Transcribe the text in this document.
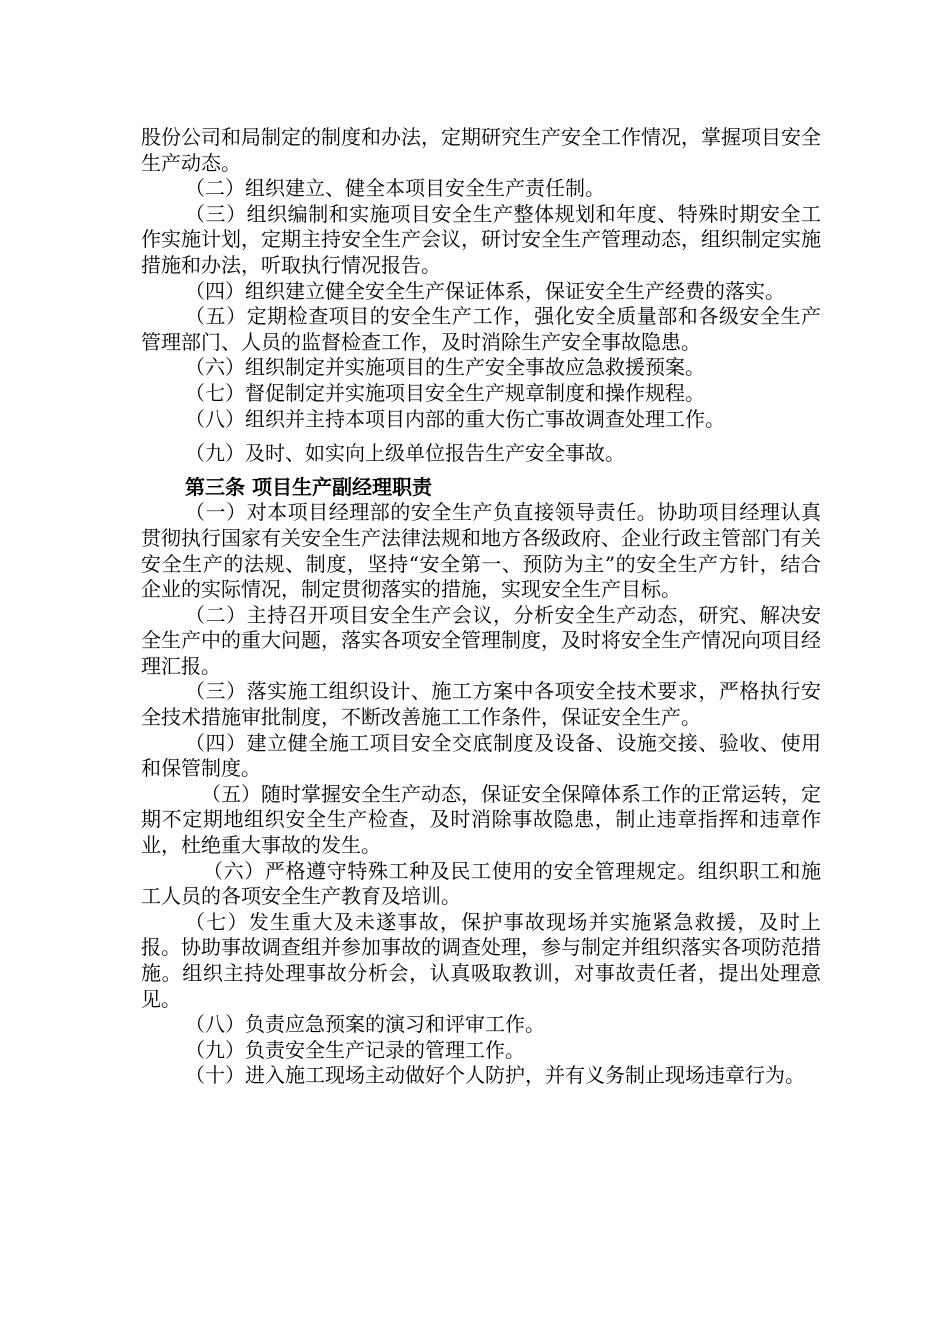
股份公司和局制定的制度和办法，定期研究生产安全工作情况，掌握项目安全生产动态。

（二）组织建立、健全本项目安全生产责任制。

（三）组织编制和实施项目安全生产整体规划和年度、特殊时期安全工作实施计划，定期主持安全生产会议，研讨安全生产管理动态，组织制定实施措施和办法，听取执行情况报告。

（四）组织建立健全安全生产保证体系，保证安全生产经费的落实。

（五）定期检查项目的安全生产工作，强化安全质量部和各级安全生产管理部门、人员的监督检查工作，及时消除生产安全事故隐患。

（六）组织制定并实施项目的生产安全事故应急救援预案。

（七）督促制定并实施项目安全生产规章制度和操作规程。

（八）组织并主持本项目内部的重大伤亡事故调查处理工作。

（九）及时、如实向上级单位报告生产安全事故。

第三条 项目生产副经理职责

（一）对本项目经理部的安全生产负直接领导责任。协助项目经理认真贯彻执行国家有关安全生产法律法规和地方各级政府、企业行政主管部门有关安全生产的法规、制度，坚持“安全第一、预防为主”的安全生产方针，结合企业的实际情况，制定贯彻落实的措施，实现安全生产目标。

（二）主持召开项目安全生产会议，分析安全生产动态，研究、解决安全生产中的重大问题，落实各项安全管理制度，及时将安全生产情况向项目经理汇报。

（三）落实施工组织设计、施工方案中各项安全技术要求，严格执行安全技术措施审批制度，不断改善施工工作条件，保证安全生产。

（四）建立健全施工项目安全交底制度及设备、设施交接、验收、使用和保管制度。

（五）随时掌握安全生产动态，保证安全保障体系工作的正常运转，定期不定期地组织安全生产检查，及时消除事故隐患，制止违章指挥和违章作业，杜绝重大事故的发生。

（六）严格遵守特殊工种及民工使用的安全管理规定。组织职工和施工人员的各项安全生产教育及培训。

（七）发生重大及未遂事故，保护事故现场并实施紧急救援，及时上报。协助事故调查组并参加事故的调查处理，参与制定并组织落实各项防范措施。组织主持处理事故分析会，认真吸取教训，对事故责任者，提出处理意见。

（八）负责应急预案的演习和评审工作。

（九）负责安全生产记录的管理工作。

（十）进入施工现场主动做好个人防护，并有义务制止现场违章行为。
